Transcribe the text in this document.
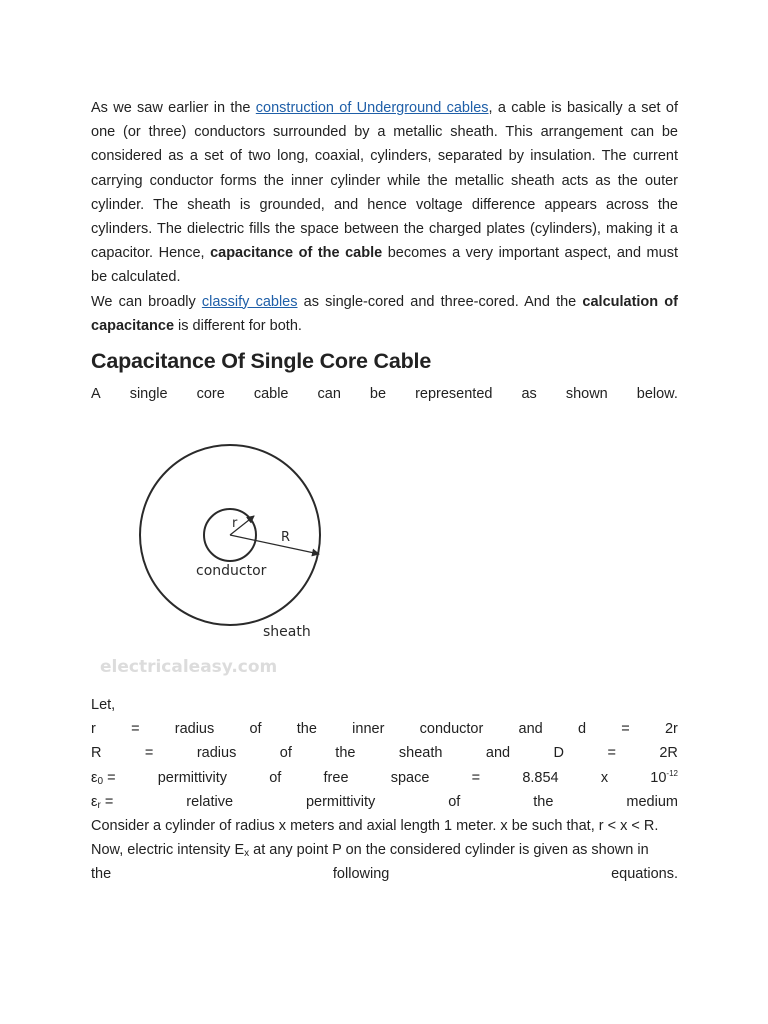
As we saw earlier in the construction of Underground cables, a cable is basically a set of one (or three) conductors surrounded by a metallic sheath. This arrangement can be considered as a set of two long, coaxial, cylinders, separated by insulation. The current carrying conductor forms the inner cylinder while the metallic sheath acts as the outer cylinder. The sheath is grounded, and hence voltage difference appears across the cylinders. The dielectric fills the space between the charged plates (cylinders), making it a capacitor. Hence, capacitance of the cable becomes a very important aspect, and must be calculated.

We can broadly classify cables as single-cored and three-cored. And the calculation of capacitance is different for both.

Capacitance Of Single Core Cable
A single core cable can be represented as shown below.
r
R
conductor
sheath
electricaleasy.com
Let,
r = radius of the inner conductor and d = 2r
R	=	radius	of	the	sheath	and	D	=	2R
$\varepsilon_0$ =	permittivity	of	free	space	=	8.854	x	$10^{-12}$
$\varepsilon_r$ =	relative	permittivity	of	the	medium

Consider a cylinder of radius x meters and axial length 1 meter. x be such that, r < x < R.

Now, electric intensity $E_x$ at any point P on the considered cylinder is given as shown in

the	following	equations.
